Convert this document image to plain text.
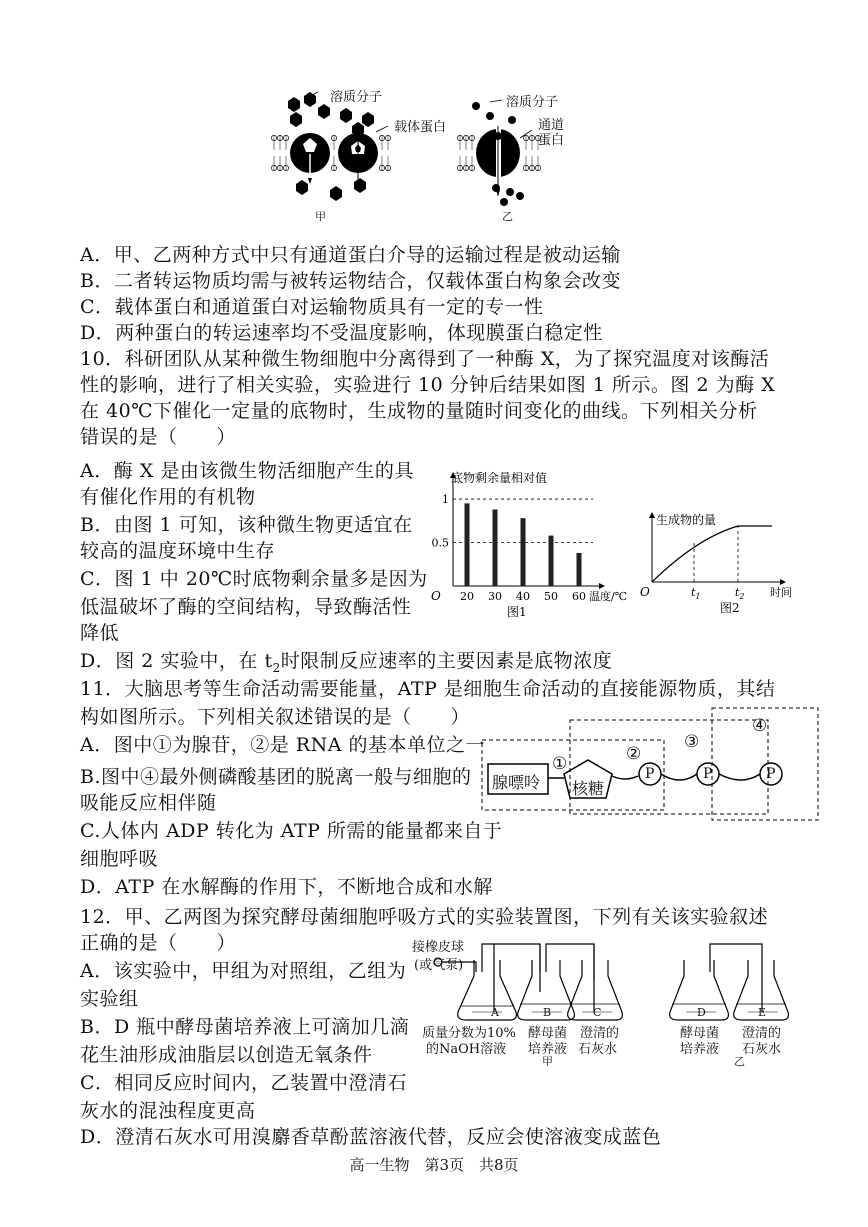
溶质分子
载体蛋白
溶质分子
通道
蛋白
甲	乙
A．甲、乙两种方式中只有通道蛋白介导的运输过程是被动运输
B．二者转运物质均需与被转运物结合，仅载体蛋白构象会改变
C．载体蛋白和通道蛋白对运输物质具有一定的专一性
D．两种蛋白的转运速率均不受温度影响，体现膜蛋白稳定性
10．科研团队从某种微生物细胞中分离得到了一种酶 X，为了探究温度对该酶活
性的影响，进行了相关实验，实验进行 10 分钟后结果如图 1 所示。图 2 为酶 X
在 40℃下催化一定量的底物时，生成物的量随时间变化的曲线。下列相关分析
错误的是（　　）
A．酶 X 是由该微生物活细胞产生的具
有催化作用的有机物
B．由图 1 可知，该种微生物更适宜在
较高的温度环境中生存
C．图 1 中 20℃时底物剩余量多是因为
低温破坏了酶的空间结构，导致酶活性
降低
D．图 2 实验中，在 $t_2$时限制反应速率的主要因素是底物浓度
1
0.5
20 30 40 50 60
底物剩余量相对值
温度/℃
O
图1
$t_1$	$t_2$
生成物的量
时间
O
图2
11．大脑思考等生命活动需要能量，ATP 是细胞生命活动的直接能源物质，其结
构如图所示。下列相关叙述错误的是（　　）
A．图中①为腺苷，②是 RNA 的基本单位之一
B.图中④最外侧磷酸基团的脱离一般与细胞的
吸能反应相伴随
C.人体内 ADP 转化为 ATP 所需的能量都来自于
细胞呼吸
D．ATP 在水解酶的作用下，不断地合成和水解
腺嘌呤 核糖
①	②
③
④
P	P	P
12．甲、乙两图为探究酵母菌细胞呼吸方式的实验装置图，下列有关该实验叙述
正确的是（　　）
A．该实验中，甲组为对照组，乙组为
实验组
B．D 瓶中酵母菌培养液上可滴加几滴
花生油形成油脂层以创造无氧条件
C．相同反应时间内，乙装置中澄清石
灰水的混浊程度更高
D．澄清石灰水可用溴麝香草酚蓝溶液代替，反应会使溶液变成蓝色
接橡皮球
(或气泵)
A	B	C	D	E
质量分数为10%
的NaOH溶液
酵母菌
培养液
澄清的
石灰水
甲
酵母菌
培养液
澄清的
石灰水
乙
高一生物　第3页　共8页
